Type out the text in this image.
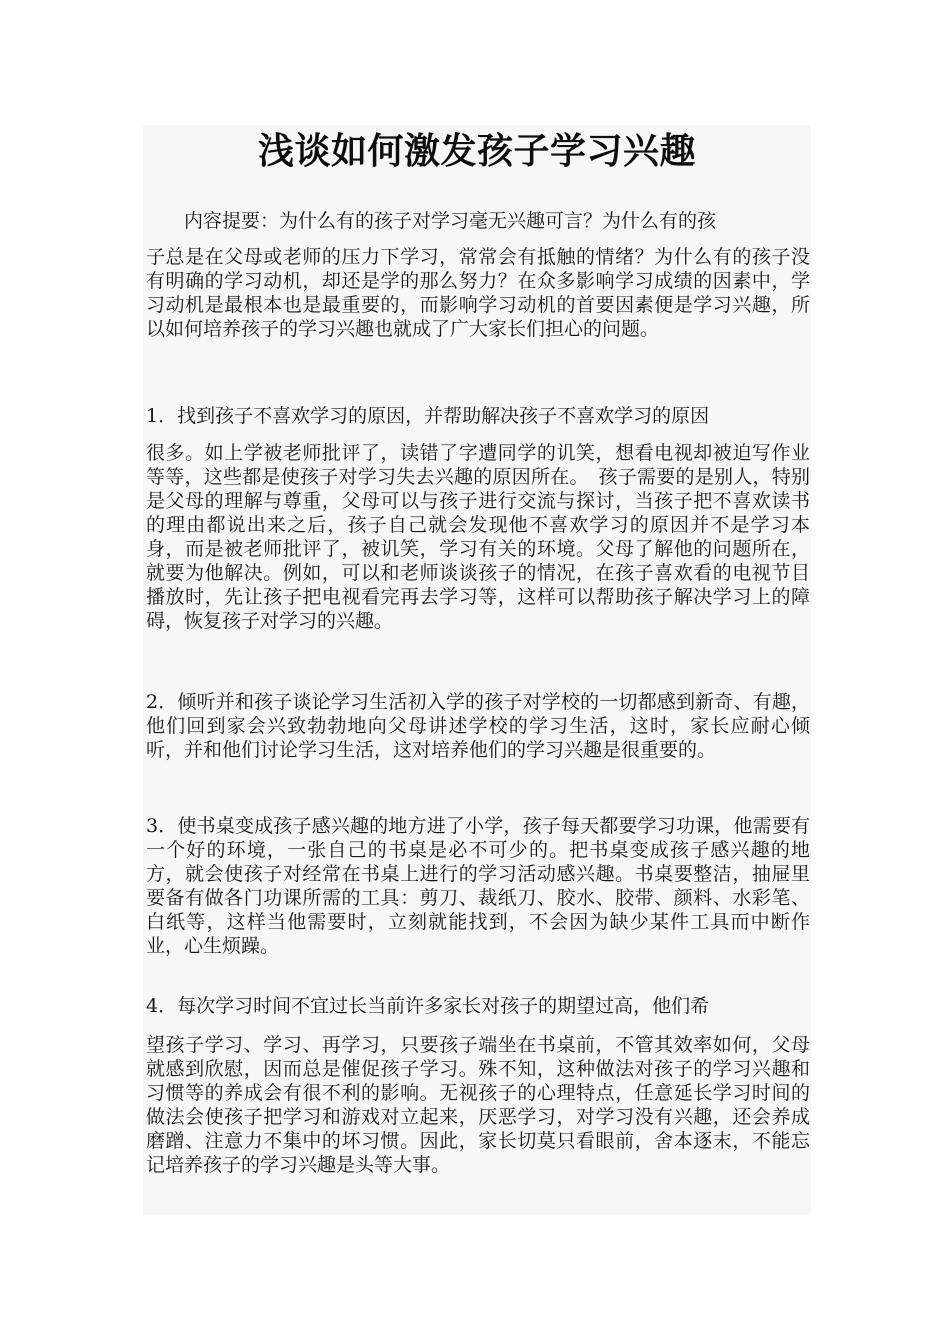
浅谈如何激发孩子学习兴趣

内容提要：为什么有的孩子对学习毫无兴趣可言？为什么有的孩

子总是在父母或老师的压力下学习，常常会有抵触的情绪？为什么有的孩子没有明确的学习动机，却还是学的那么努力？在众多影响学习成绩的因素中，学习动机是最根本也是最重要的，而影响学习动机的首要因素便是学习兴趣，所以如何培养孩子的学习兴趣也就成了广大家长们担心的问题。

1．找到孩子不喜欢学习的原因，并帮助解决孩子不喜欢学习的原因

很多。如上学被老师批评了，读错了字遭同学的讥笑，想看电视却被迫写作业等等，这些都是使孩子对学习失去兴趣的原因所在。　孩子需要的是别人，特别是父母的理解与尊重，父母可以与孩子进行交流与探讨，当孩子把不喜欢读书的理由都说出来之后，孩子自己就会发现他不喜欢学习的原因并不是学习本身，而是被老师批评了，被讥笑，学习有关的环境。父母了解他的问题所在，就要为他解决。例如，可以和老师谈谈孩子的情况，在孩子喜欢看的电视节目播放时，先让孩子把电视看完再去学习等，这样可以帮助孩子解决学习上的障碍，恢复孩子对学习的兴趣。

2．倾听并和孩子谈论学习生活初入学的孩子对学校的一切都感到新奇、有趣，他们回到家会兴致勃勃地向父母讲述学校的学习生活，这时，家长应耐心倾听，并和他们讨论学习生活，这对培养他们的学习兴趣是很重要的。

3．使书桌变成孩子感兴趣的地方进了小学，孩子每天都要学习功课，他需要有一个好的环境，一张自己的书桌是必不可少的。把书桌变成孩子感兴趣的地方，就会使孩子对经常在书桌上进行的学习活动感兴趣。书桌要整洁，抽屉里要备有做各门功课所需的工具：剪刀、裁纸刀、胶水、胶带、颜料、水彩笔、白纸等，这样当他需要时，立刻就能找到，不会因为缺少某件工具而中断作业，心生烦躁。

4．每次学习时间不宜过长当前许多家长对孩子的期望过高，他们希

望孩子学习、学习、再学习，只要孩子端坐在书桌前，不管其效率如何，父母就感到欣慰，因而总是催促孩子学习。殊不知，这种做法对孩子的学习兴趣和习惯等的养成会有很不利的影响。无视孩子的心理特点，任意延长学习时间的做法会使孩子把学习和游戏对立起来，厌恶学习，对学习没有兴趣，还会养成磨蹭、注意力不集中的坏习惯。因此，家长切莫只看眼前，舍本逐末，不能忘记培养孩子的学习兴趣是头等大事。
